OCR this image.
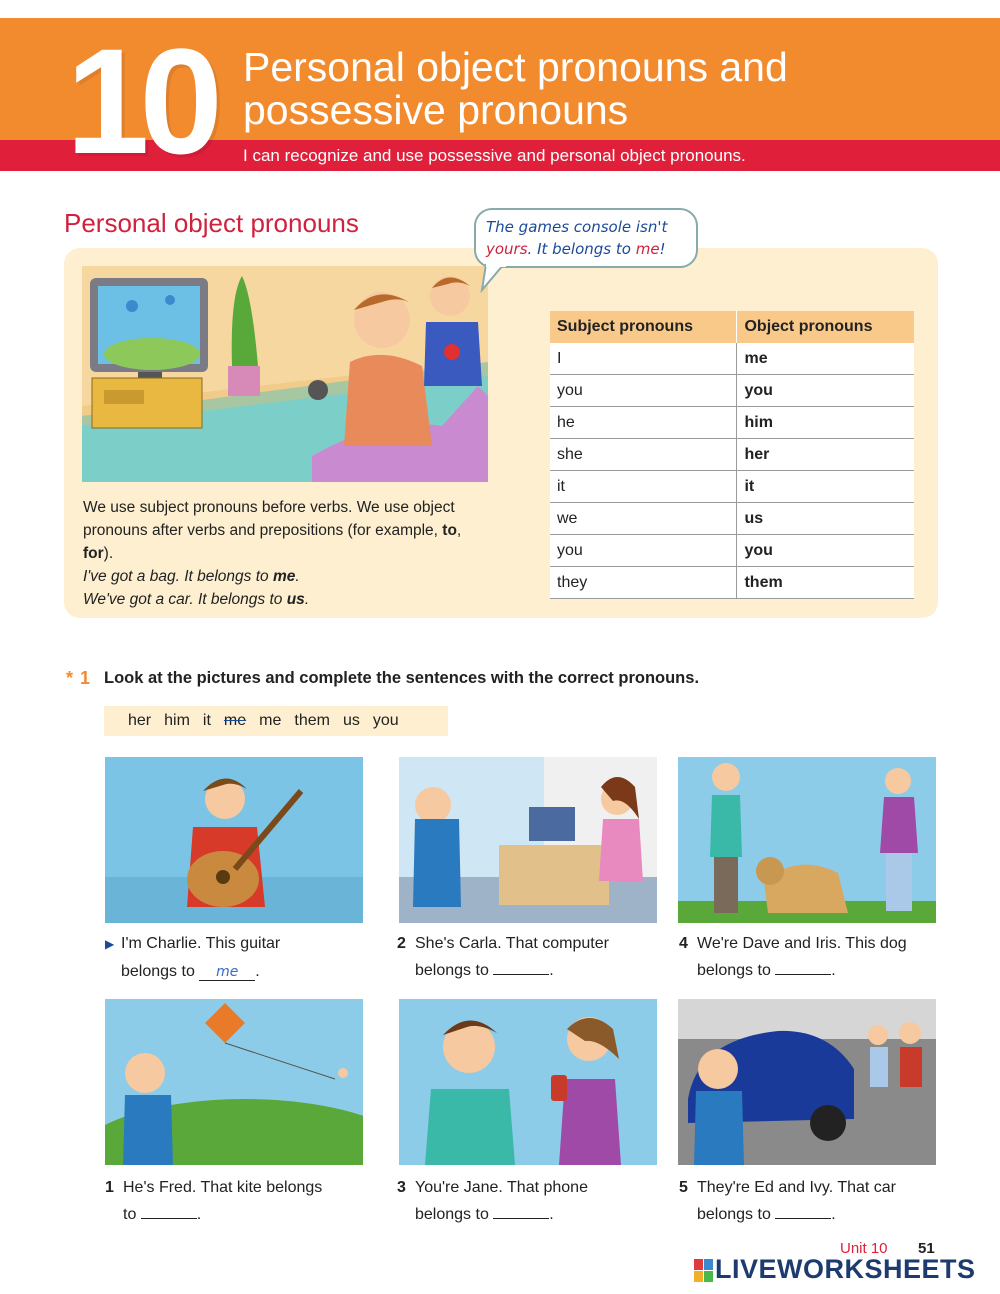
10 Personal object pronouns and
possessive pronouns
I can recognize and use possessive and personal object pronouns.
Personal object pronouns	The games console isn't yours. It belongs to me!
We use subject pronouns before verbs. We use object pronouns after verbs and prepositions (for example, to, for).
I've got a bag. It belongs to me.
We've got a car. It belongs to us.
Subject pronouns	Object pronouns
I	me
you	you
he	him
she	her
it	it
we	us
you	you
they	them
* 1 Look at the pictures and complete the sentences with the correct pronouns.
her him it me me them us you
▶ I'm Charlie. This guitar
belongs to me .
2 She's Carla. That computer
belongs to	.
4 We're Dave and Iris. This dog
belongs to	.
1 He's Fred. That kite belongs
to	.
3 You're Jane. That phone
belongs to	.
5 They're Ed and Ivy. That car
belongs to	.
Unit 10 51
LIVEWORKSHEETS
